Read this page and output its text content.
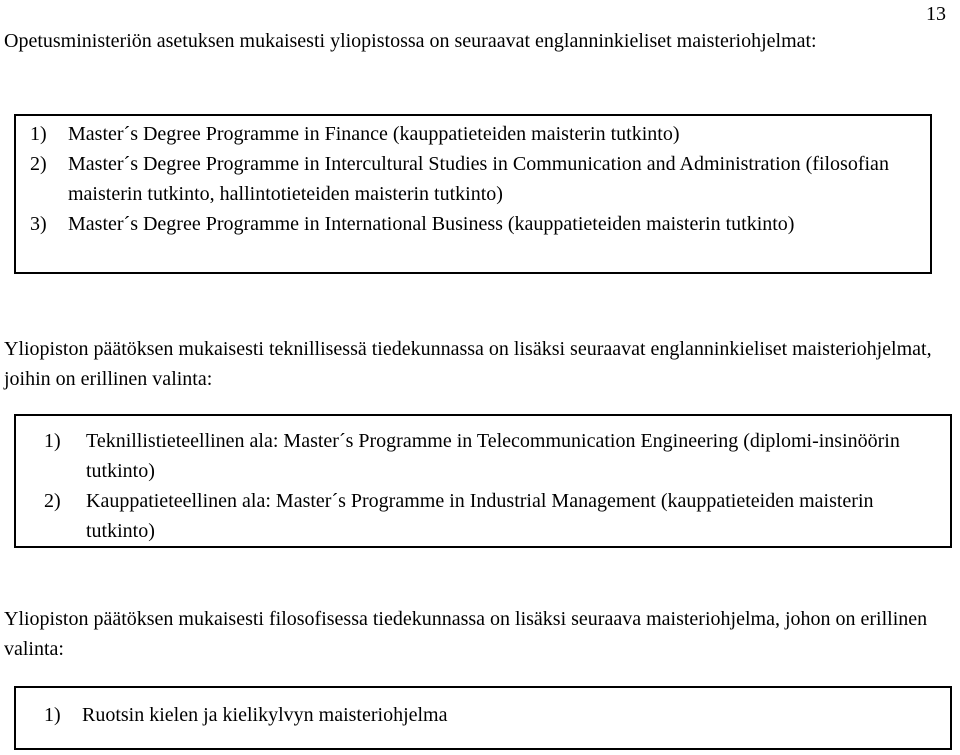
13

Opetusministeriön asetuksen mukaisesti yliopistossa on seuraavat englanninkieliset maisteriohjelmat:

1) Master´s Degree Programme in Finance (kauppatieteiden maisterin tutkinto)
2) Master´s Degree Programme in Intercultural Studies in Communication and Administration (filosofian maisterin tutkinto, hallintotieteiden maisterin tutkinto)
3) Master´s Degree Programme in International Business (kauppatieteiden maisterin tutkinto)

Yliopiston päätöksen mukaisesti teknillisessä tiedekunnassa on lisäksi seuraavat englanninkieliset maisteriohjelmat, joihin on erillinen valinta:

1) Teknillistieteellinen ala: Master´s Programme in Telecommunication Engineering (diplomi-insinöörin tutkinto)
2) Kauppatieteellinen ala: Master´s Programme in Industrial Management (kauppatieteiden maisterin tutkinto)

Yliopiston päätöksen mukaisesti filosofisessa tiedekunnassa on lisäksi seuraava maisteriohjelma, johon on erillinen valinta:

1) Ruotsin kielen ja kielikylvyn maisteriohjelma
